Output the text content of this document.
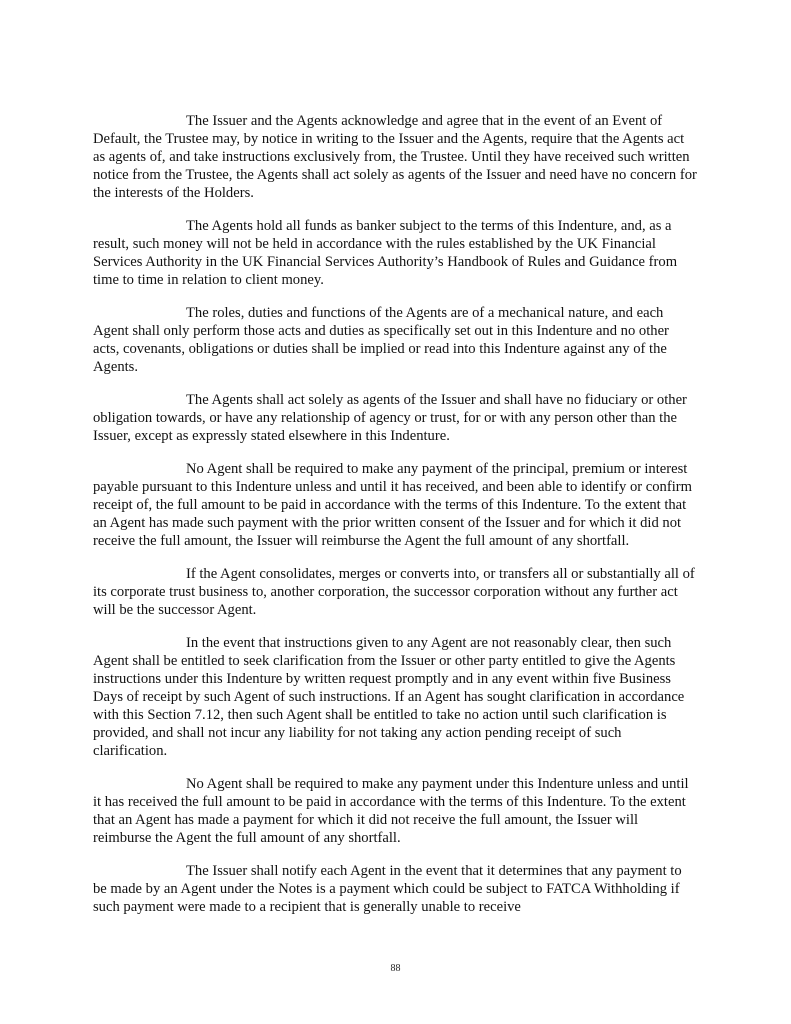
The Issuer and the Agents acknowledge and agree that in the event of an Event of Default, the Trustee may, by notice in writing to the Issuer and the Agents, require that the Agents act as agents of, and take instructions exclusively from, the Trustee. Until they have received such written notice from the Trustee, the Agents shall act solely as agents of the Issuer and need have no concern for the interests of the Holders.

The Agents hold all funds as banker subject to the terms of this Indenture, and, as a result, such money will not be held in accordance with the rules established by the UK Financial Services Authority in the UK Financial Services Authority’s Handbook of Rules and Guidance from time to time in relation to client money.

The roles, duties and functions of the Agents are of a mechanical nature, and each Agent shall only perform those acts and duties as specifically set out in this Indenture and no other acts, covenants, obligations or duties shall be implied or read into this Indenture against any of the Agents.

The Agents shall act solely as agents of the Issuer and shall have no fiduciary or other obligation towards, or have any relationship of agency or trust, for or with any person other than the Issuer, except as expressly stated elsewhere in this Indenture.

No Agent shall be required to make any payment of the principal, premium or interest payable pursuant to this Indenture unless and until it has received, and been able to identify or confirm receipt of, the full amount to be paid in accordance with the terms of this Indenture. To the extent that an Agent has made such payment with the prior written consent of the Issuer and for which it did not receive the full amount, the Issuer will reimburse the Agent the full amount of any shortfall.

If the Agent consolidates, merges or converts into, or transfers all or substantially all of its corporate trust business to, another corporation, the successor corporation without any further act will be the successor Agent.

In the event that instructions given to any Agent are not reasonably clear, then such Agent shall be entitled to seek clarification from the Issuer or other party entitled to give the Agents instructions under this Indenture by written request promptly and in any event within five Business Days of receipt by such Agent of such instructions. If an Agent has sought clarification in accordance with this Section 7.12, then such Agent shall be entitled to take no action until such clarification is provided, and shall not incur any liability for not taking any action pending receipt of such clarification.

No Agent shall be required to make any payment under this Indenture unless and until it has received the full amount to be paid in accordance with the terms of this Indenture. To the extent that an Agent has made a payment for which it did not receive the full amount, the Issuer will reimburse the Agent the full amount of any shortfall.

The Issuer shall notify each Agent in the event that it determines that any payment to be made by an Agent under the Notes is a payment which could be subject to FATCA Withholding if such payment were made to a recipient that is generally unable to receive

88
